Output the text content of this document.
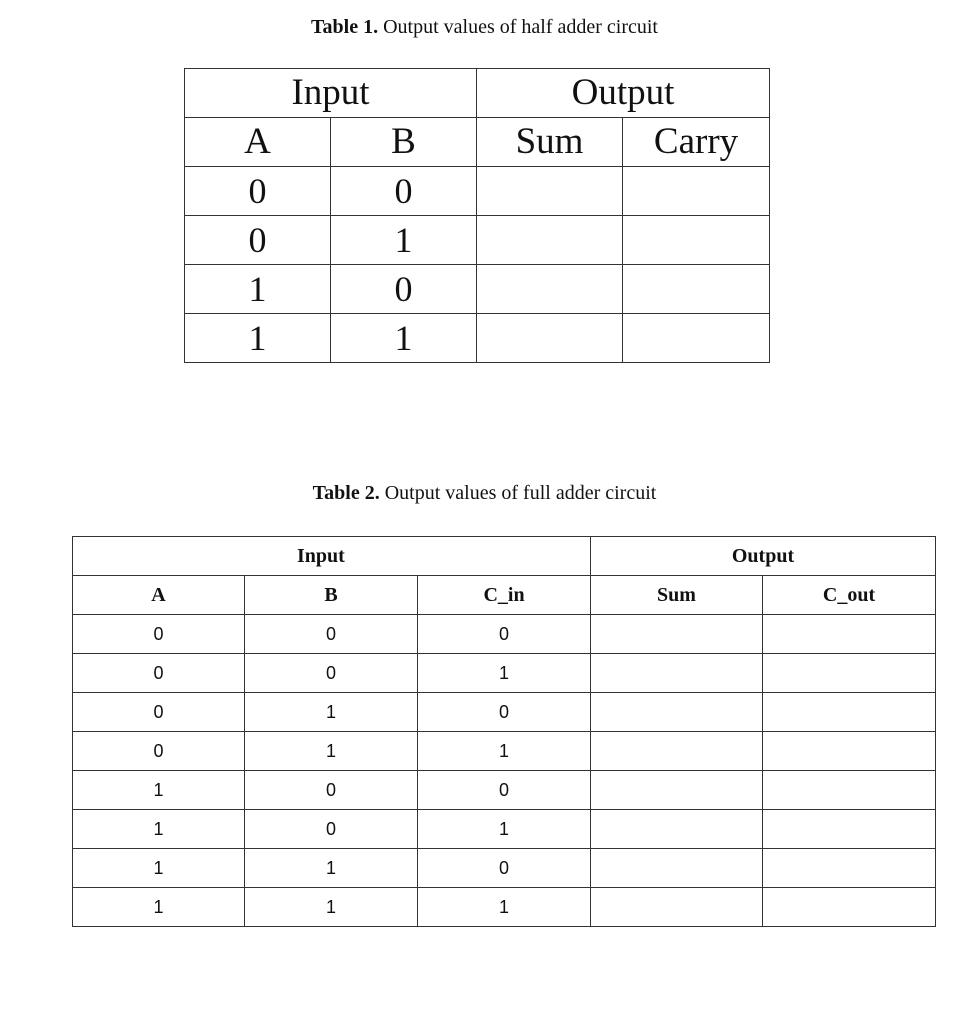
Table 1. Output values of half adder circuit

Input		Output	
A	B	Sum	Carry
0	0		
0	1		
1	0		
1	1		

Table 2. Output values of full adder circuit

Input			Output	
A	B	C_in	Sum	C_out
0	0	0		
0	0	1		
0	1	0		
0	1	1		
1	0	0		
1	0	1		
1	1	0		
1	1	1		
